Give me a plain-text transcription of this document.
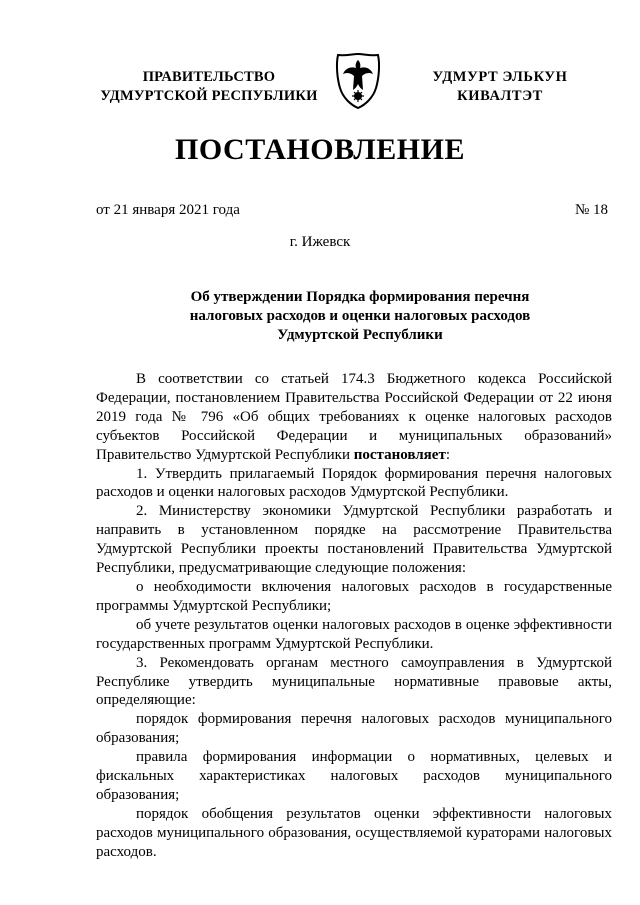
ПРАВИТЕЛЬСТВО
УДМУРТСКОЙ РЕСПУБЛИКИ
УДМУРТ ЭЛЬКУН
КИВАЛТЭТ
ПОСТАНОВЛЕНИЕ
от 21 января 2021 года	№ 18
г. Ижевск
Об утверждении Порядка формирования перечня
налоговых расходов и оценки налоговых расходов
Удмуртской Республики

В соответствии со статьей 174.3 Бюджетного кодекса Российской Федерации, постановлением Правительства Российской Федерации от 22 июня 2019 года № 796 «Об общих требованиях к оценке налоговых расходов субъектов Российской Федерации и муниципальных образований» Правительство Удмуртской Республики постановляет:

1. Утвердить прилагаемый Порядок формирования перечня налоговых расходов и оценки налоговых расходов Удмуртской Республики.

2. Министерству экономики Удмуртской Республики разработать и направить в установленном порядке на рассмотрение Правительства Удмуртской Республики проекты постановлений Правительства Удмуртской Республики, предусматривающие следующие положения:

о необходимости включения налоговых расходов в государственные программы Удмуртской Республики;

об учете результатов оценки налоговых расходов в оценке эффективности государственных программ Удмуртской Республики.

3. Рекомендовать органам местного самоуправления в Удмуртской Республике утвердить муниципальные нормативные правовые акты, определяющие:

порядок формирования перечня налоговых расходов муниципального образования;

правила формирования информации о нормативных, целевых и фискальных характеристиках налоговых расходов муниципального образования;

порядок обобщения результатов оценки эффективности налоговых расходов муниципального образования, осуществляемой кураторами налоговых расходов.
